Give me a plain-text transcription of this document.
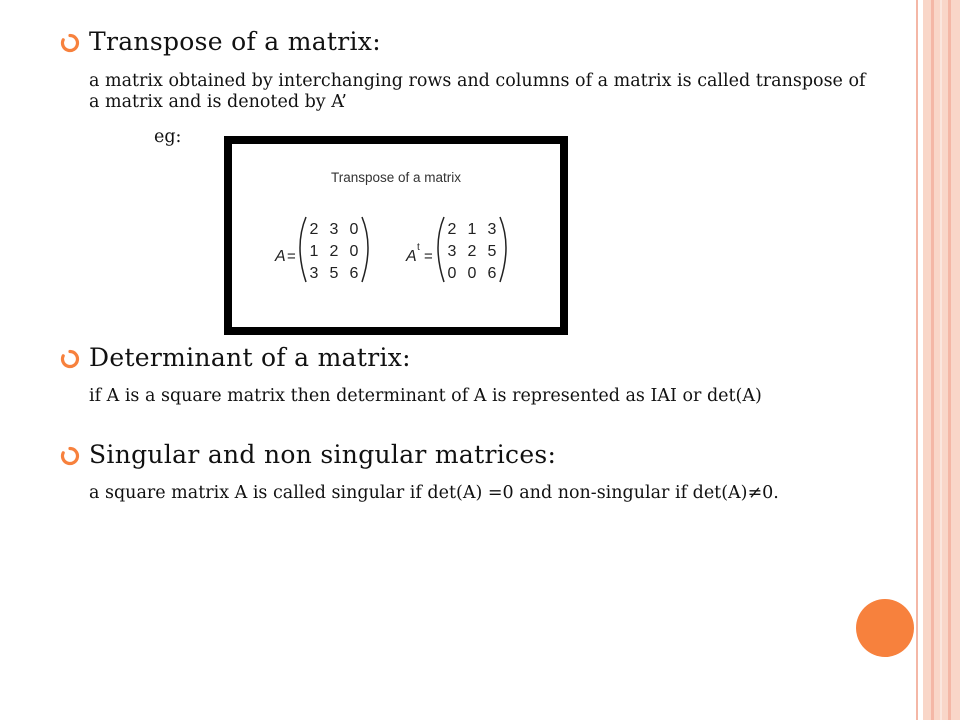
Transpose of a matrix:
a matrix obtained by interchanging rows and columns of a matrix is called transpose of a matrix and is denoted by A’
eg:
Transpose of a matrix
A =
2 3 0
1 2 0
3 5 6
A
t
=
2 1 3
3 2 5
0 0 6
Determinant of a matrix:
if A is a square matrix then determinant of A is represented as IAI or det(A)
Singular and non singular matrices:
a square matrix A is called singular if det(A) =0 and non-singular if det(A)≠0.
